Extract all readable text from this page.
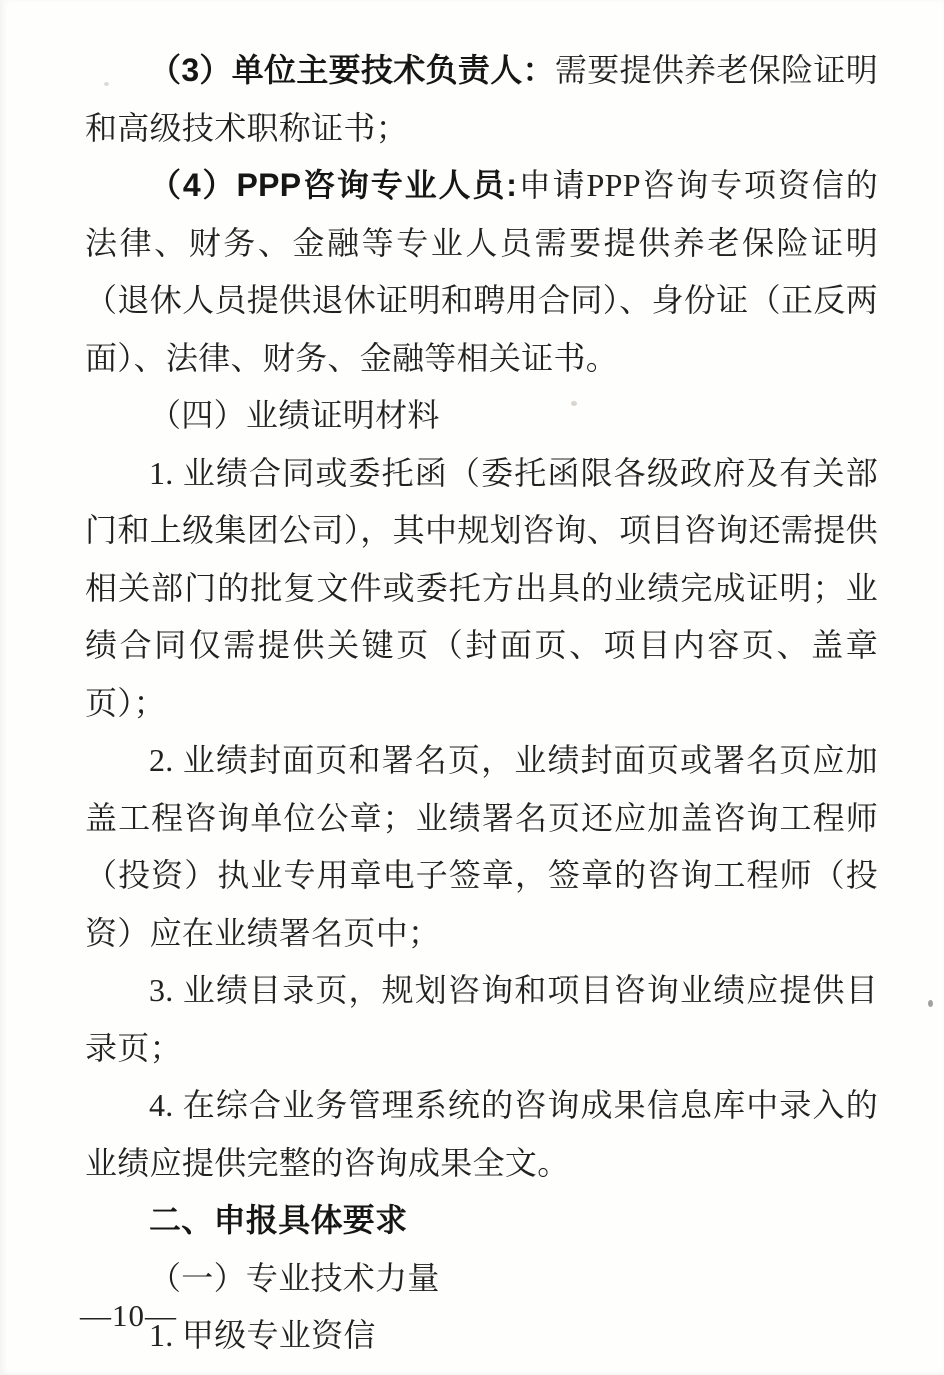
（3）单位主要技术负责人：需要提供养老保险证明和高级技术职称证书；

（4）PPP咨询专业人员:申请PPP咨询专项资信的法律、财务、金融等专业人员需要提供养老保险证明（退休人员提供退休证明和聘用合同）、身份证（正反两面）、法律、财务、金融等相关证书。

（四）业绩证明材料

1. 业绩合同或委托函（委托函限各级政府及有关部门和上级集团公司），其中规划咨询、项目咨询还需提供相关部门的批复文件或委托方出具的业绩完成证明；业绩合同仅需提供关键页（封面页、项目内容页、盖章页）；

2. 业绩封面页和署名页，业绩封面页或署名页应加盖工程咨询单位公章；业绩署名页还应加盖咨询工程师（投资）执业专用章电子签章，签章的咨询工程师（投资）应在业绩署名页中；

3. 业绩目录页，规划咨询和项目咨询业绩应提供目录页；

4. 在综合业务管理系统的咨询成果信息库中录入的业绩应提供完整的咨询成果全文。

二、申报具体要求

（一）专业技术力量

1. 甲级专业资信

—10—
